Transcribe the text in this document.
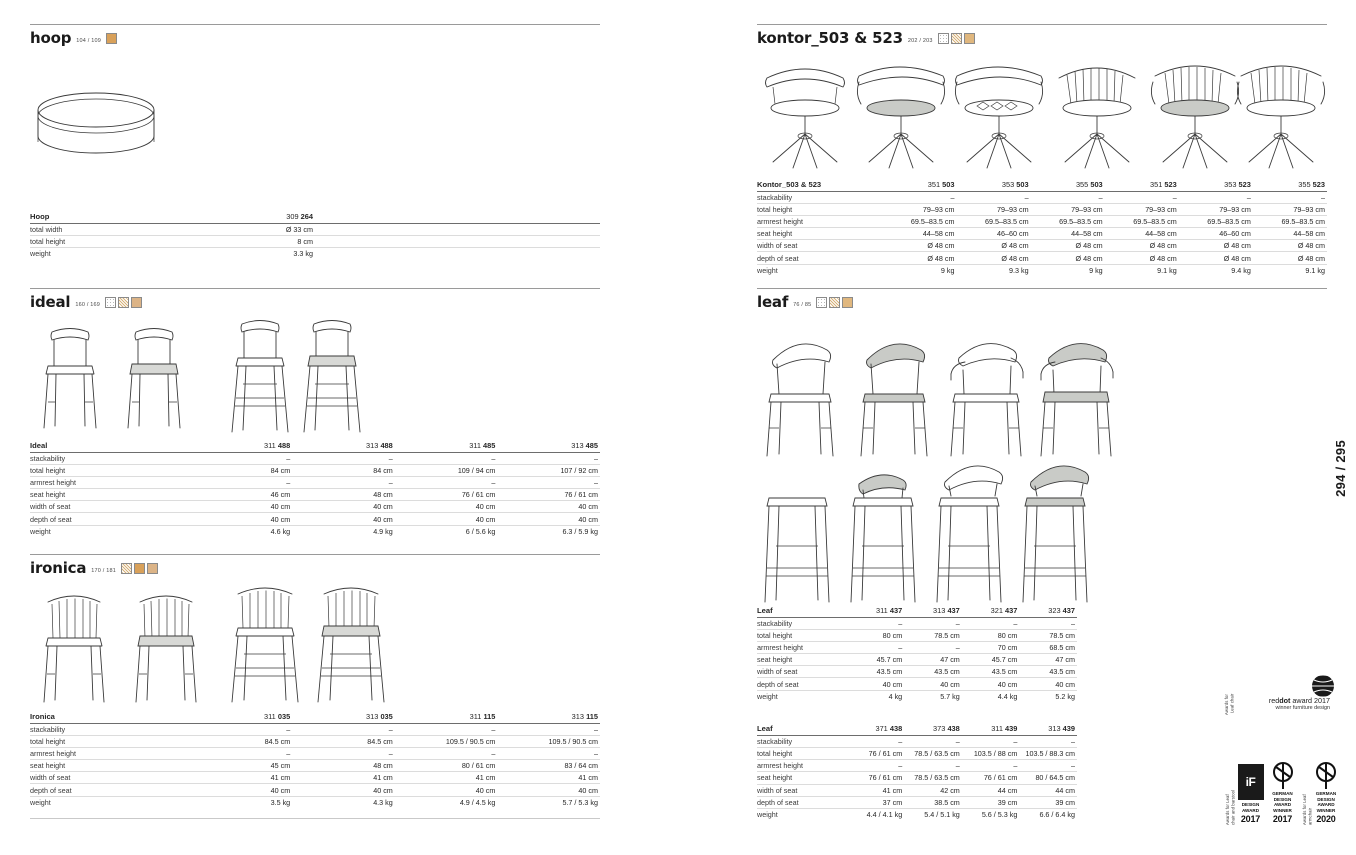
hoop 104 / 109
Hoop	309 264	
total width	Ø 33 cm	
total height	8 cm	
weight	3.3 kg	
ideal 160 / 169
Ideal	311 488	313 488	311 485	313 485
stackability	–	–	–	–
total height	84 cm	84 cm	109 / 94 cm	107 / 92 cm
armrest height	–	–	–	–
seat height	46 cm	48 cm	76 / 61 cm	76 / 61 cm
width of seat	40 cm	40 cm	40 cm	40 cm
depth of seat	40 cm	40 cm	40 cm	40 cm
weight	4.6 kg	4.9 kg	6 / 5.6 kg	6.3 / 5.9 kg
ironica 170 / 181
Ironica	311 035	313 035	311 115	313 115
stackability	–	–	–	–
total height	84.5 cm	84.5 cm	109.5 / 90.5 cm	109.5 / 90.5 cm
armrest height	–	–	–	–
seat height	45 cm	48 cm	80 / 61 cm	83 / 64 cm
width of seat	41 cm	41 cm	41 cm	41 cm
depth of seat	40 cm	40 cm	40 cm	40 cm
weight	3.5 kg	4.3 kg	4.9 / 4.5 kg	5.7 / 5.3 kg
kontor_503 & 523 202 / 203
Kontor_503 & 523	351 503	353 503	355 503	351 523	353 523	355 523
stackability	–	–	–	–	–	–
total height	79–93 cm	79–93 cm	79–93 cm	79–93 cm	79–93 cm	79–93 cm
armrest height	69.5–83.5 cm	69.5–83.5 cm	69.5–83.5 cm	69.5–83.5 cm	69.5–83.5 cm	69.5–83.5 cm
seat height	44–58 cm	46–60 cm	44–58 cm	44–58 cm	46–60 cm	44–58 cm
width of seat	Ø 48 cm	Ø 48 cm	Ø 48 cm	Ø 48 cm	Ø 48 cm	Ø 48 cm
depth of seat	Ø 48 cm	Ø 48 cm	Ø 48 cm	Ø 48 cm	Ø 48 cm	Ø 48 cm
weight	9 kg	9.3 kg	9 kg	9.1 kg	9.4 kg	9.1 kg
leaf 76 / 85
Leaf	311 437	313 437	321 437	323 437
stackability	–	–	–	–
total height	80 cm	78.5 cm	80 cm	78.5 cm
armrest height	–	–	70 cm	68.5 cm
seat height	45.7 cm	47 cm	45.7 cm	47 cm
width of seat	43.5 cm	43.5 cm	43.5 cm	43.5 cm
depth of seat	40 cm	40 cm	40 cm	40 cm
weight	4 kg	5.7 kg	4.4 kg	5.2 kg
Leaf	371 438	373 438	311 439	313 439
stackability	–	–	–	–
total height	76 / 61 cm	78.5 / 63.5 cm	103.5 / 88 cm	103.5 / 88.3 cm
armrest height	–	–	–	–
seat height	76 / 61 cm	78.5 / 63.5 cm	76 / 61 cm	80 / 64.5 cm
width of seat	41 cm	42 cm	44 cm	44 cm
depth of seat	37 cm	38.5 cm	39 cm	39 cm
weight	4.4 / 4.1 kg	5.4 / 5.1 kg	5.6 / 5.3 kg	6.6 / 6.4 kg
294 / 295
Awards for Leaf chair	reddot award 2017
winner furniture design
Awards for Leaf chair and barstool
iF
DESIGN
AWARD
2017
GERMAN
DESIGN
AWARD
WINNER
2017	Awards for Leaf armchair
GERMAN
DESIGN
AWARD
WINNER
2020
